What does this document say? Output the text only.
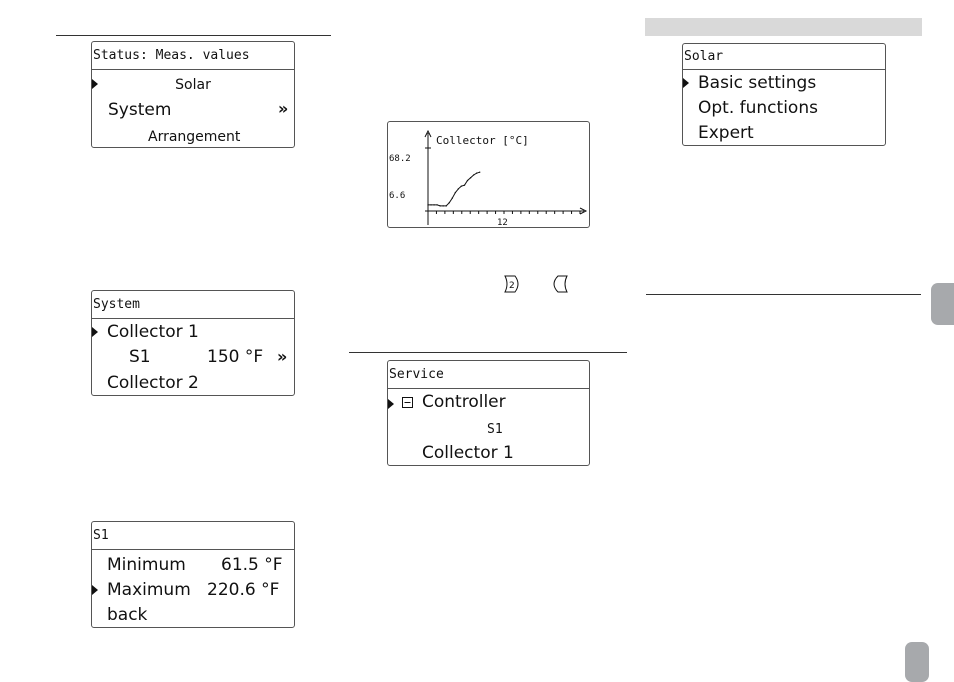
Status: Meas. values
Solar
System	»
Arrangement
System
Collector 1
S1	150 °F »
Collector 2
S1
Minimum	61.5 °F
Maximum 220.6 °F
back
Collector [°C]
68.2
6.6
12
2
Service
Controller
S1
Collector 1
Solar
Basic settings
Opt. functions
Expert
